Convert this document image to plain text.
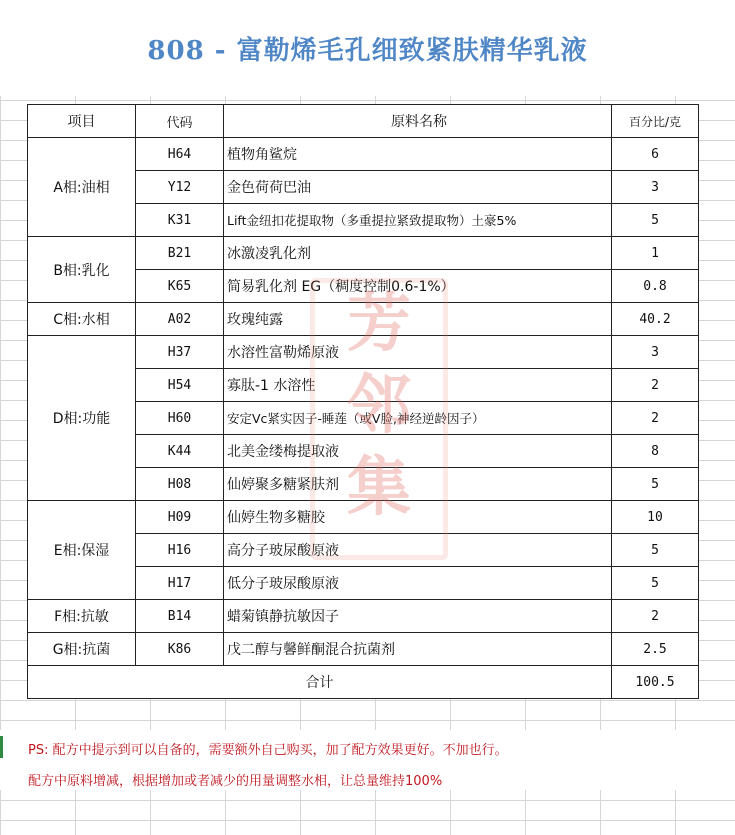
808 - 富勒烯毛孔细致紧肤精华乳液
项目	代码	原料名称	百分比/克
A相:油相	H64	植物角鲨烷	6
	Y12	金色荷荷巴油	3
	K31	Lift金纽扣花提取物（多重提拉紧致提取物）土豪5%	5
B相:乳化	B21	冰激凌乳化剂	1
	K65	简易乳化剂 EG（稠度控制0.6-1%）	0.8
C相:水相	A02	玫瑰纯露	40.2
D相:功能	H37	水溶性富勒烯原液	3
	H54	寡肽-1 水溶性	2
	H60	安定Vc紧实因子-睡莲（或V脸,神经逆龄因子）	2
	K44	北美金缕梅提取液	8
	H08	仙婷聚多糖紧肤剂	5
E相:保湿	H09	仙婷生物多糖胶	10
	H16	高分子玻尿酸原液	5
	H17	低分子玻尿酸原液	5
F相:抗敏	B14	蜡菊镇静抗敏因子	2
G相:抗菌	K86	戊二醇与馨鲜酮混合抗菌剂	2.5
合计			100.5
芳
邻
集
PS: 配方中提示到可以自备的，需要额外自己购买，加了配方效果更好。不加也行。
配方中原料增减，根据增加或者减少的用量调整水相，让总量维持100%
